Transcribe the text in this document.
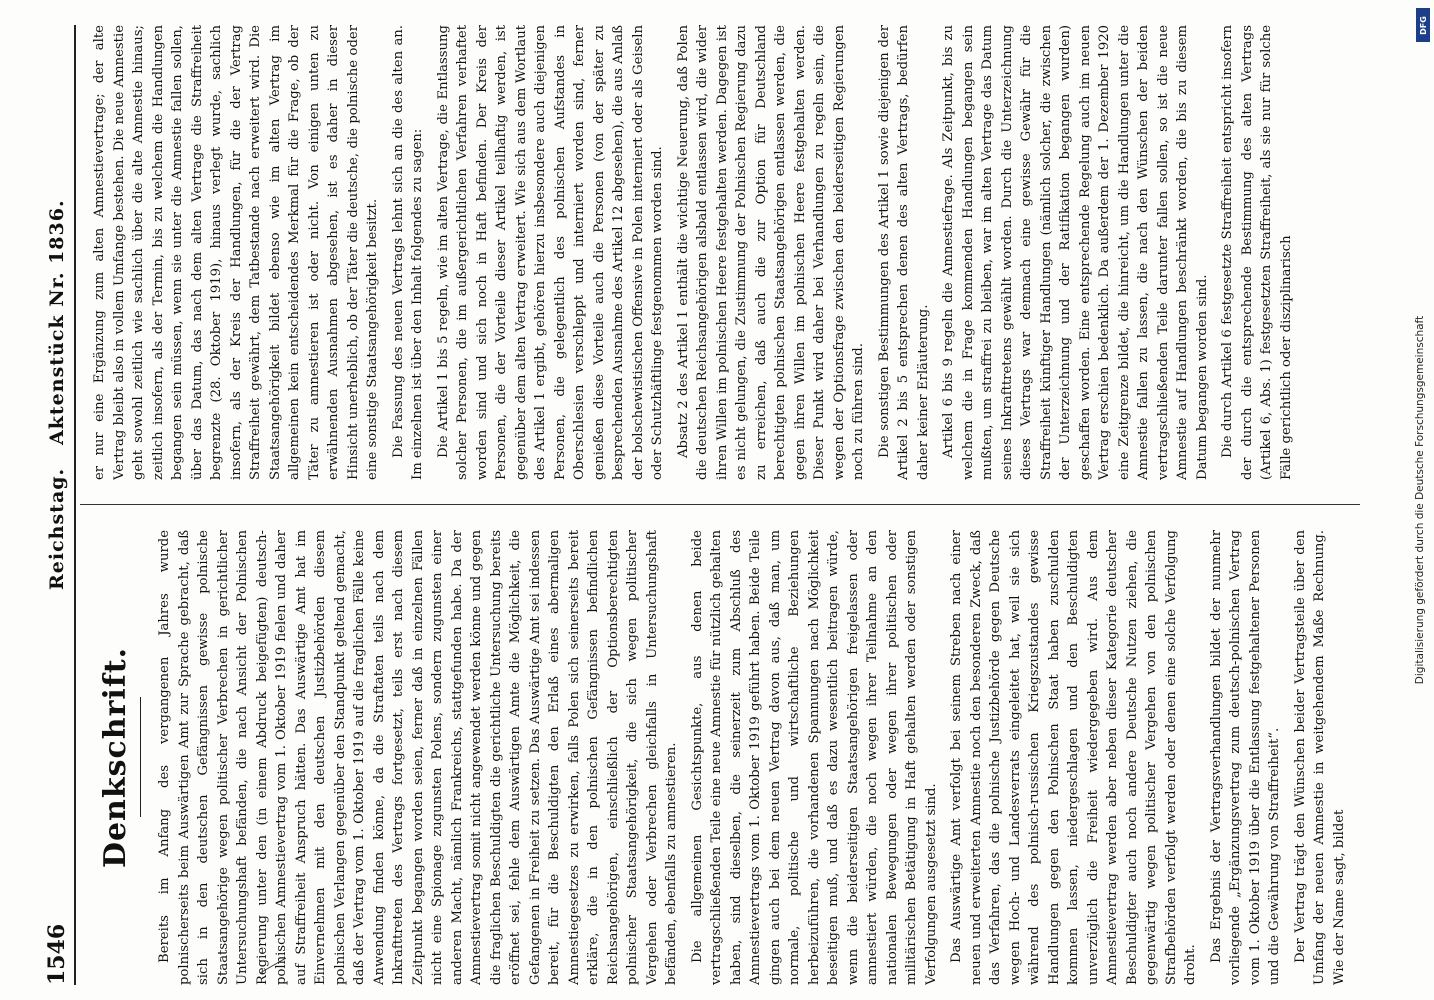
1546
Reichstag.
Aktenstück Nr. 1836.
Denkschrift. Bereits im Anfang des vergangenen Jahres wurde polnischerseits beim Auswärtigen Amt zur Sprache gebracht, daß sich in den deutschen Gefängnissen gewisse polnische Staatsangehörige wegen politischer Verbrechen in gerichtlicher Untersuchungshaft befänden, die nach Ansicht der Polnischen Regierung unter den (in einem Abdruck beigefügten) deutsch-polnischen Amnestievertrag vom 1. Oktober 1919 fielen und daher auf Straffreiheit Anspruch hätten. Das Auswärtige Amt hat im Einvernehmen mit den deutschen Justizbehörden diesem polnischen Verlangen gegenüber den Standpunkt geltend gemacht, daß der Vertrag vom 1. Oktober 1919 auf die fraglichen Fälle keine Anwendung finden könne, da die Straftaten teils nach dem Inkrafttreten des Vertrags fortgesetzt, teils erst nach diesem Zeitpunkt begangen worden seien, ferner daß in einzelnen Fällen nicht eine Spionage zugunsten Polens, sondern zugunsten einer anderen Macht, nämlich Frankreichs, stattgefunden habe. Da der Amnestievertrag somit nicht angewendet werden könne und gegen die fraglichen Beschuldigten die gerichtliche Untersuchung bereits eröffnet sei, fehle dem Auswärtigen Amte die Möglichkeit, die Gefangenen in Freiheit zu setzen. Das Auswärtige Amt sei indessen bereit, für die Beschuldigten den Erlaß eines abermaligen Amnestiegesetzes zu erwirken, falls Polen sich seinerseits bereit erkläre, die in den polnischen Gefängnissen befindlichen Reichsangehörigen, einschließlich der Optionsberechtigten polnischer Staatsangehörigkeit, die sich wegen politischer Vergehen oder Verbrechen gleichfalls in Untersuchungshaft befänden, ebenfalls zu amnestieren. Die allgemeinen Gesichtspunkte, aus denen beide vertragschließenden Teile eine neue Amnestie für nützlich gehalten haben, sind dieselben, die seinerzeit zum Abschluß des Amnestievertrags vom 1. Oktober 1919 geführt haben. Beide Teile gingen auch bei dem neuen Vertrag davon aus, daß man, um normale, politische und wirtschaftliche Beziehungen herbeizuführen, die vorhandenen Spannungen nach Möglichkeit beseitigen muß, und daß es dazu wesentlich beitragen würde, wenn die beiderseitigen Staatsangehörigen freigelassen oder amnestiert würden, die noch wegen ihrer Teilnahme an den nationalen Bewegungen oder wegen ihrer politischen oder militärischen Betätigung in Haft gehalten werden oder sonstigen Verfolgungen ausgesetzt sind. Das Auswärtige Amt verfolgt bei seinem Streben nach einer neuen und erweiterten Amnestie noch den besonderen Zweck, daß das Verfahren, das die polnische Justizbehörde gegen Deutsche wegen Hoch- und Landesverrats eingeleitet hat, weil sie sich während des polnisch-russischen Kriegszustandes gewisse Handlungen gegen den Polnischen Staat haben zuschulden kommen lassen, niedergeschlagen und den Beschuldigten unverzüglich die Freiheit wiedergegeben wird. Aus dem Amnestievertrag werden aber neben dieser Kategorie deutscher Beschuldigter auch noch andere Deutsche Nutzen ziehen, die gegenwärtig wegen politischer Vergehen von den polnischen Strafbehörden verfolgt werden oder denen eine solche Verfolgung droht.

Das Ergebnis der Vertragsverhandlungen bildet der nunmehr vorliegende „Ergänzungsvertrag zum deutsch-polnischen Vertrag vom 1. Oktober 1919 über die Entlassung festgehaltener Personen und die Gewährung von Straffreiheit“. Der Vertrag trägt den Wünschen beider Vertragsteile über den Umfang der neuen Amnestie in weitgehendem Maße Rechnung. Wie der Name sagt, bildet

er nur eine Ergänzung zum alten Amnestievertrage; der alte Vertrag bleibt also in vollem Umfange bestehen. Die neue Amnestie geht sowohl zeitlich wie sachlich über die alte Amnestie hinaus; zeitlich insofern, als der Termin, bis zu welchem die Handlungen begangen sein müssen, wenn sie unter die Amnestie fallen sollen, über das Datum, das nach dem alten Vertrage die Straffreiheit begrenzte (28. Oktober 1919), hinaus verlegt wurde, sachlich insofern, als der Kreis der Handlungen, für die der Vertrag Straffreiheit gewährt, dem Tatbestande nach erweitert wird. Die Staatsangehörigkeit bildet ebenso wie im alten Vertrag im allgemeinen kein entscheidendes Merkmal für die Frage, ob der Täter zu amnestieren ist oder nicht. Von einigen unten zu erwähnenden Ausnahmen abgesehen, ist es daher in dieser Hinsicht unerheblich, ob der Täter die deutsche, die polnische oder eine sonstige Staatsangehörigkeit besitzt. Die Fassung des neuen Vertrags lehnt sich an die des alten an. Im einzelnen ist über den Inhalt folgendes zu sagen: Die Artikel 1 bis 5 regeln, wie im alten Vertrage, die Entlassung solcher Personen, die im außergerichtlichen Verfahren verhaftet worden sind und sich noch in Haft befinden. Der Kreis der Personen, die der Vorteile dieser Artikel teilhaftig werden, ist gegenüber dem alten Vertrag erweitert. Wie sich aus dem Wortlaut des Artikel 1 ergibt, gehören hierzu insbesondere auch diejenigen Personen, die gelegentlich des polnischen Aufstandes in Oberschlesien verschleppt und interniert worden sind, ferner genießen diese Vorteile auch die Personen (von der später zu besprechenden Ausnahme des Artikel 12 abgesehen), die aus Anlaß der bolschewistischen Offensive in Polen interniert oder als Geiseln oder Schutzhäftlinge festgenommen worden sind. Absatz 2 des Artikel 1 enthält die wichtige Neuerung, daß Polen die deutschen Reichsangehörigen alsbald entlassen wird, die wider ihren Willen im polnischen Heere festgehalten werden. Dagegen ist es nicht gelungen, die Zustimmung der Polnischen Regierung dazu zu erreichen, daß auch die zur Option für Deutschland berechtigten polnischen Staatsangehörigen entlassen werden, die gegen ihren Willen im polnischen Heere festgehalten werden. Dieser Punkt wird daher bei Verhandlungen zu regeln sein, die wegen der Optionsfrage zwischen den beiderseitigen Regierungen noch zu führen sind. Die sonstigen Bestimmungen des Artikel 1 sowie diejenigen der Artikel 2 bis 5 entsprechen denen des alten Vertrags, bedürfen daher keiner Erläuterung. Artikel 6 bis 9 regeln die Amnestiefrage. Als Zeitpunkt, bis zu welchem die in Frage kommenden Handlungen begangen sein mußten, um straffrei zu bleiben, war im alten Vertrage das Datum seines Inkrafttretens gewählt worden. Durch die Unterzeichnung dieses Vertrags war demnach eine gewisse Gewähr für die Straffreiheit künftiger Handlungen (nämlich solcher, die zwischen der Unterzeichnung und der Ratifikation begangen wurden) geschaffen worden. Eine entsprechende Regelung auch im neuen Vertrag erschien bedenklich. Da außerdem der 1. Dezember 1920 eine Zeitgrenze bildet, die hinreicht, um die Handlungen unter die Amnestie fallen zu lassen, die nach den Wünschen der beiden vertragschließenden Teile darunter fallen sollen, so ist die neue Amnestie auf Handlungen beschränkt worden, die bis zu diesem Datum begangen worden sind. Die durch Artikel 6 festgesetzte Straffreiheit entspricht insofern der durch die entsprechende Bestimmung des alten Vertrags (Artikel 6, Abs. 1) festgesetzten Straffreiheit, als sie nur für solche Fälle gerichtlich oder disziplinarisch

DFG
Digitalisierung gefördert durch die Deutsche Forschungsgemeinschaft
